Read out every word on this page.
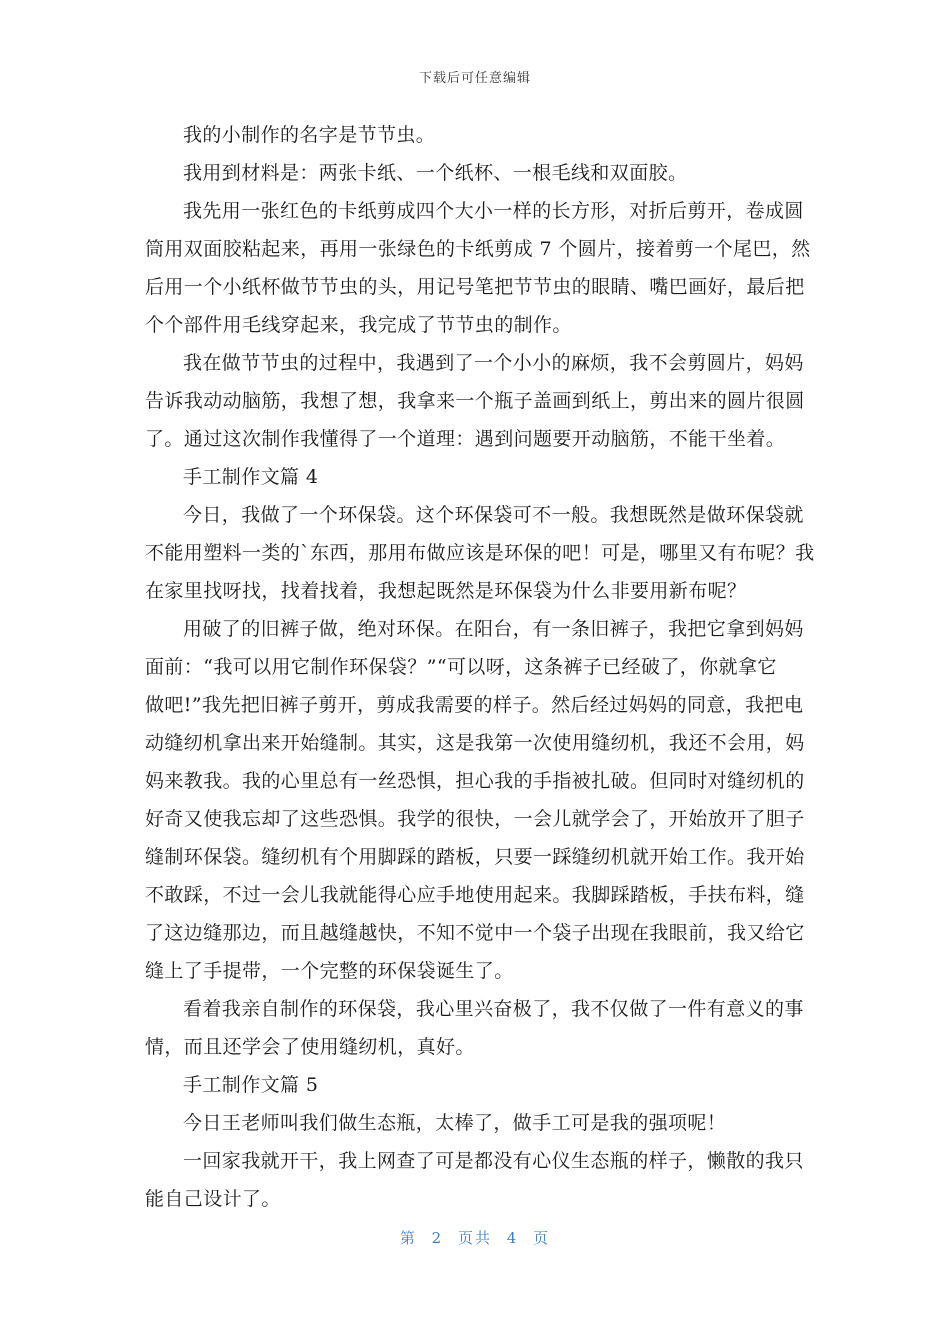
下载后可任意编辑
我的小制作的名字是节节虫。
我用到材料是：两张卡纸、一个纸杯、一根毛线和双面胶。
我先用一张红色的卡纸剪成四个大小一样的长方形，对折后剪开，卷成圆
筒用双面胶粘起来，再用一张绿色的卡纸剪成 7 个圆片，接着剪一个尾巴，然
后用一个小纸杯做节节虫的头，用记号笔把节节虫的眼睛、嘴巴画好，最后把
个个部件用毛线穿起来，我完成了节节虫的制作。
我在做节节虫的过程中，我遇到了一个小小的麻烦，我不会剪圆片，妈妈
告诉我动动脑筋，我想了想，我拿来一个瓶子盖画到纸上，剪出来的圆片很圆
了。通过这次制作我懂得了一个道理：遇到问题要开动脑筋，不能干坐着。
手工制作文篇 4
今日，我做了一个环保袋。这个环保袋可不一般。我想既然是做环保袋就
不能用塑料一类的`东西，那用布做应该是环保的吧！可是，哪里又有布呢？我
在家里找呀找，找着找着，我想起既然是环保袋为什么非要用新布呢？
用破了的旧裤子做，绝对环保。在阳台，有一条旧裤子，我把它拿到妈妈
面前：“我可以用它制作环保袋？”“可以呀，这条裤子已经破了，你就拿它
做吧!”我先把旧裤子剪开，剪成我需要的样子。然后经过妈妈的同意，我把电
动缝纫机拿出来开始缝制。其实，这是我第一次使用缝纫机，我还不会用，妈
妈来教我。我的心里总有一丝恐惧，担心我的手指被扎破。但同时对缝纫机的
好奇又使我忘却了这些恐惧。我学的很快，一会儿就学会了，开始放开了胆子
缝制环保袋。缝纫机有个用脚踩的踏板，只要一踩缝纫机就开始工作。我开始
不敢踩，不过一会儿我就能得心应手地使用起来。我脚踩踏板，手扶布料，缝
了这边缝那边，而且越缝越快，不知不觉中一个袋子出现在我眼前，我又给它
缝上了手提带，一个完整的环保袋诞生了。
看着我亲自制作的环保袋，我心里兴奋极了，我不仅做了一件有意义的事
情，而且还学会了使用缝纫机，真好。
手工制作文篇 5
今日王老师叫我们做生态瓶，太棒了，做手工可是我的强项呢！
一回家我就开干，我上网查了可是都没有心仪生态瓶的样子，懒散的我只
能自己设计了。
第 2 页共 4 页
